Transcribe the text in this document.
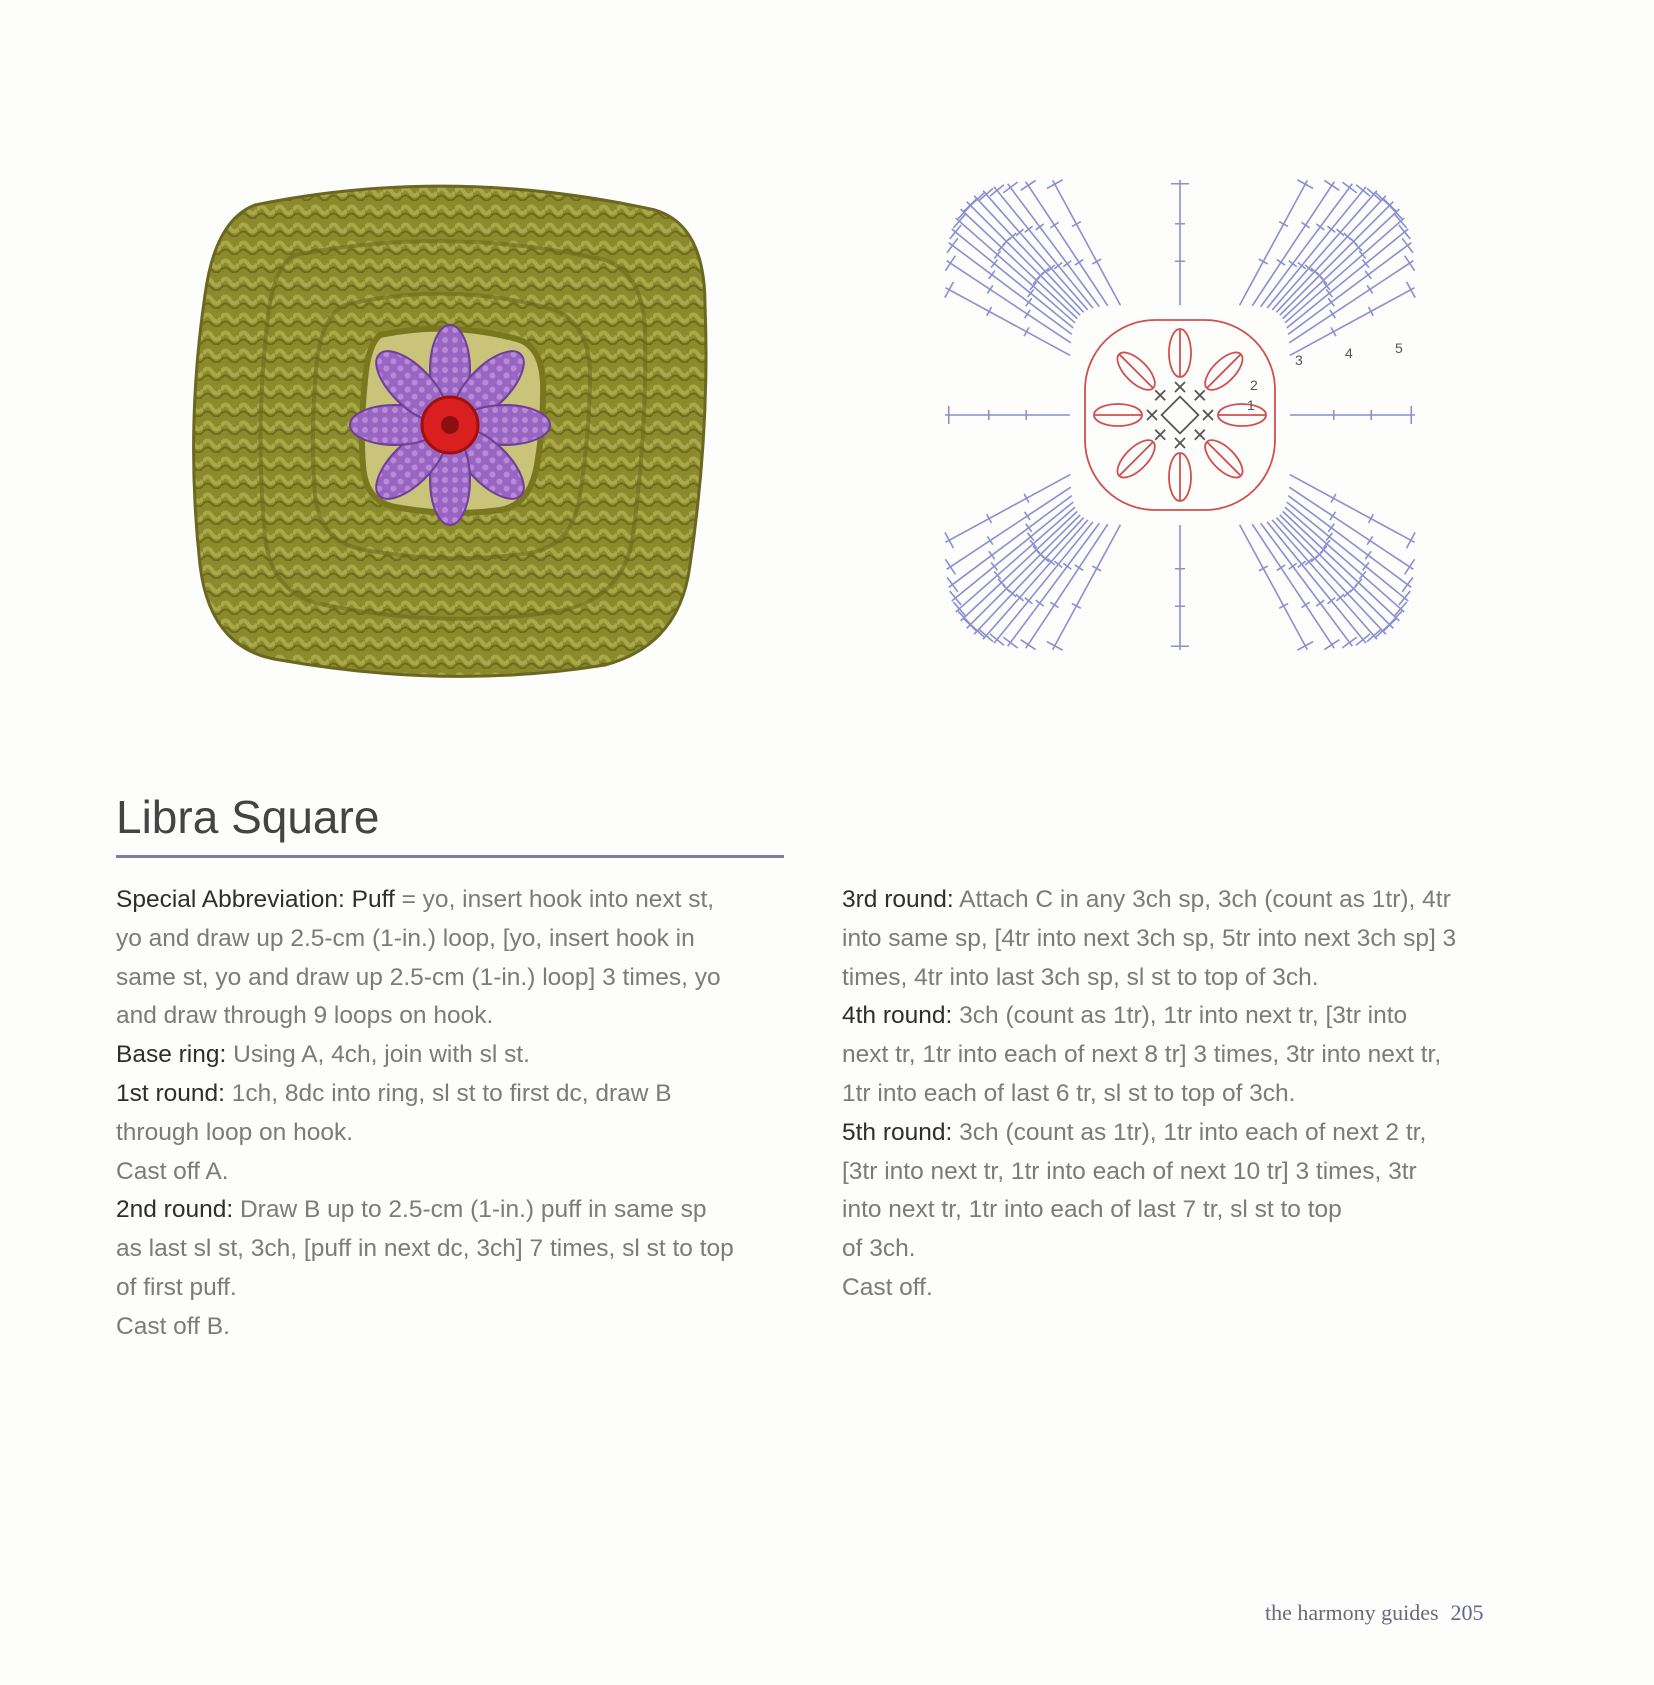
1
2
3	4	5
Libra Square

Special Abbreviation: Puff = yo, insert hook into next st,

yo and draw up 2.5-cm (1-in.) loop, [yo, insert hook in

same st, yo and draw up 2.5-cm (1-in.) loop] 3 times, yo

and draw through 9 loops on hook.

Base ring: Using A, 4ch, join with sl st.

1st round: 1ch, 8dc into ring, sl st to first dc, draw B

through loop on hook.

Cast off A.

2nd round: Draw B up to 2.5-cm (1-in.) puff in same sp

as last sl st, 3ch, [puff in next dc, 3ch] 7 times, sl st to top

of first puff.

Cast off B.

3rd round: Attach C in any 3ch sp, 3ch (count as 1tr), 4tr

into same sp, [4tr into next 3ch sp, 5tr into next 3ch sp] 3

times, 4tr into last 3ch sp, sl st to top of 3ch.

4th round: 3ch (count as 1tr), 1tr into next tr, [3tr into

next tr, 1tr into each of next 8 tr] 3 times, 3tr into next tr,

1tr into each of last 6 tr, sl st to top of 3ch.

5th round: 3ch (count as 1tr), 1tr into each of next 2 tr,

[3tr into next tr, 1tr into each of next 10 tr] 3 times, 3tr

into next tr, 1tr into each of last 7 tr, sl st to top

of 3ch.

Cast off.

the harmony guides 205
